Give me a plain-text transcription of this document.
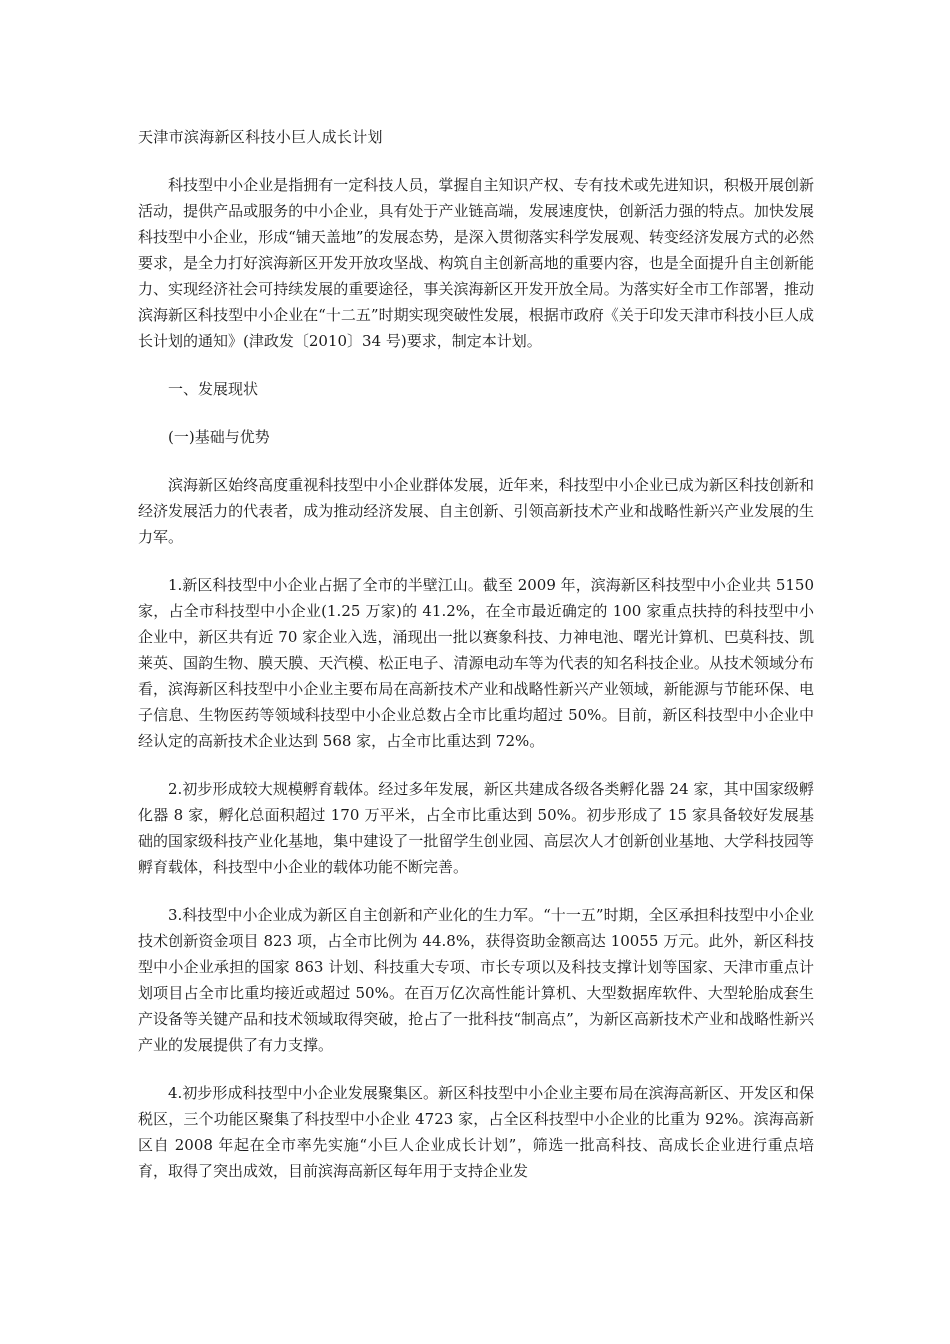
天津市滨海新区科技小巨人成长计划

科技型中小企业是指拥有一定科技人员，掌握自主知识产权、专有技术或先进知识，积极开展创新活动，提供产品或服务的中小企业，具有处于产业链高端，发展速度快，创新活力强的特点。加快发展科技型中小企业，形成“铺天盖地”的发展态势，是深入贯彻落实科学发展观、转变经济发展方式的必然要求，是全力打好滨海新区开发开放攻坚战、构筑自主创新高地的重要内容，也是全面提升自主创新能力、实现经济社会可持续发展的重要途径，事关滨海新区开发开放全局。为落实好全市工作部署，推动滨海新区科技型中小企业在“十二五”时期实现突破性发展，根据市政府《关于印发天津市科技小巨人成长计划的通知》(津政发〔2010〕34 号)要求，制定本计划。

一、发展现状

(一)基础与优势

滨海新区始终高度重视科技型中小企业群体发展，近年来，科技型中小企业已成为新区科技创新和经济发展活力的代表者，成为推动经济发展、自主创新、引领高新技术产业和战略性新兴产业发展的生力军。

1.新区科技型中小企业占据了全市的半壁江山。截至 2009 年，滨海新区科技型中小企业共 5150 家，占全市科技型中小企业(1.25 万家)的 41.2%，在全市最近确定的 100 家重点扶持的科技型中小企业中，新区共有近 70 家企业入选，涌现出一批以赛象科技、力神电池、曙光计算机、巴莫科技、凯莱英、国韵生物、膜天膜、天汽模、松正电子、清源电动车等为代表的知名科技企业。从技术领域分布看，滨海新区科技型中小企业主要布局在高新技术产业和战略性新兴产业领域，新能源与节能环保、电子信息、生物医药等领域科技型中小企业总数占全市比重均超过 50%。目前，新区科技型中小企业中经认定的高新技术企业达到 568 家，占全市比重达到 72%。

2.初步形成较大规模孵育载体。经过多年发展，新区共建成各级各类孵化器 24 家，其中国家级孵化器 8 家，孵化总面积超过 170 万平米，占全市比重达到 50%。初步形成了 15 家具备较好发展基础的国家级科技产业化基地，集中建设了一批留学生创业园、高层次人才创新创业基地、大学科技园等孵育载体，科技型中小企业的载体功能不断完善。

3.科技型中小企业成为新区自主创新和产业化的生力军。“十一五”时期，全区承担科技型中小企业技术创新资金项目 823 项，占全市比例为 44.8%，获得资助金额高达 10055 万元。此外，新区科技型中小企业承担的国家 863 计划、科技重大专项、市长专项以及科技支撑计划等国家、天津市重点计划项目占全市比重均接近或超过 50%。在百万亿次高性能计算机、大型数据库软件、大型轮胎成套生产设备等关键产品和技术领域取得突破，抢占了一批科技“制高点”，为新区高新技术产业和战略性新兴产业的发展提供了有力支撑。

4.初步形成科技型中小企业发展聚集区。新区科技型中小企业主要布局在滨海高新区、开发区和保税区，三个功能区聚集了科技型中小企业 4723 家，占全区科技型中小企业的比重为 92%。滨海高新区自 2008 年起在全市率先实施“小巨人企业成长计划”，筛选一批高科技、高成长企业进行重点培育，取得了突出成效，目前滨海高新区每年用于支持企业发
